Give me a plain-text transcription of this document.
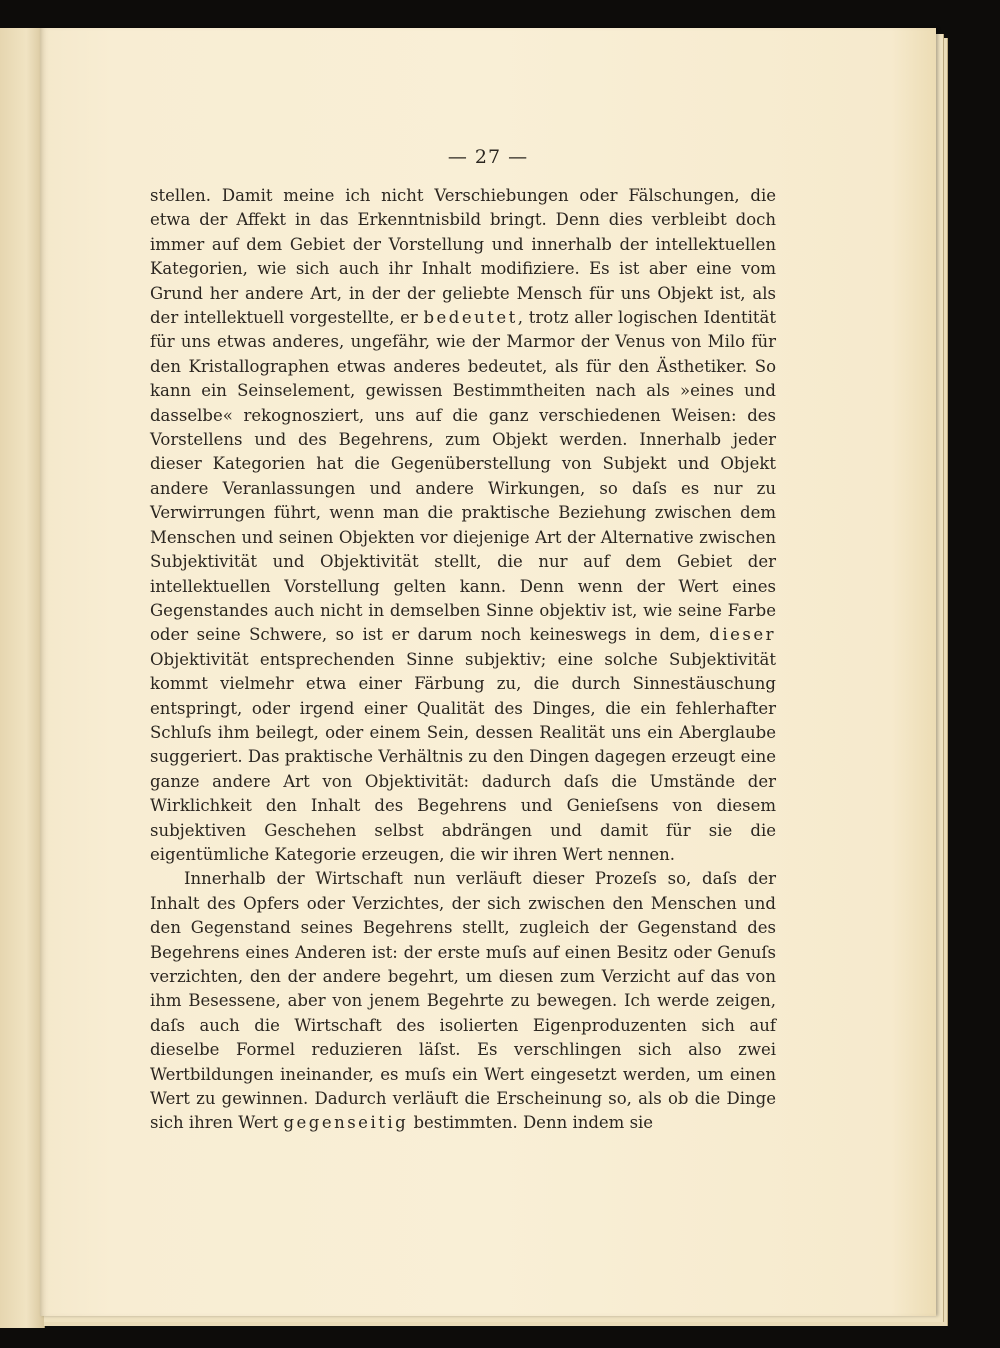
— 27 —

stellen. Damit meine ich nicht Verschiebungen oder Fälschungen, die etwa der Affekt in das Erkenntnisbild bringt. Denn dies verbleibt doch immer auf dem Gebiet der Vorstellung und innerhalb der intellektuellen Kategorien, wie sich auch ihr Inhalt modifiziere. Es ist aber eine vom Grund her andere Art, in der der geliebte Mensch für uns Objekt ist, als der intellektuell vorgestellte, er bedeutet, trotz aller logischen Identität für uns etwas anderes, ungefähr, wie der Marmor der Venus von Milo für den Kristallographen etwas anderes bedeutet, als für den Ästhetiker. So kann ein Seinselement, gewissen Bestimmtheiten nach als »eines und dasselbe« rekognosziert, uns auf die ganz verschiedenen Weisen: des Vorstellens und des Begehrens, zum Objekt werden. Innerhalb jeder dieser Kategorien hat die Gegenüberstellung von Subjekt und Objekt andere Veranlassungen und andere Wirkungen, so daſs es nur zu Verwirrungen führt, wenn man die praktische Beziehung zwischen dem Menschen und seinen Objekten vor diejenige Art der Alternative zwischen Subjektivität und Objektivität stellt, die nur auf dem Gebiet der intellektuellen Vorstellung gelten kann. Denn wenn der Wert eines Gegenstandes auch nicht in demselben Sinne objektiv ist, wie seine Farbe oder seine Schwere, so ist er darum noch keineswegs in dem, dieser Objektivität entsprechenden Sinne subjektiv; eine solche Subjektivität kommt vielmehr etwa einer Färbung zu, die durch Sinnestäuschung entspringt, oder irgend einer Qualität des Dinges, die ein fehlerhafter Schluſs ihm beilegt, oder einem Sein, dessen Realität uns ein Aberglaube suggeriert. Das praktische Verhältnis zu den Dingen dagegen erzeugt eine ganze andere Art von Objektivität: dadurch daſs die Umstände der Wirklichkeit den Inhalt des Begehrens und Genieſsens von diesem subjektiven Geschehen selbst abdrängen und damit für sie die eigentümliche Kategorie erzeugen, die wir ihren Wert nennen.

Innerhalb der Wirtschaft nun verläuft dieser Prozeſs so, daſs der Inhalt des Opfers oder Verzichtes, der sich zwischen den Menschen und den Gegenstand seines Begehrens stellt, zugleich der Gegenstand des Begehrens eines Anderen ist: der erste muſs auf einen Besitz oder Genuſs verzichten, den der andere begehrt, um diesen zum Verzicht auf das von ihm Besessene, aber von jenem Begehrte zu bewegen. Ich werde zeigen, daſs auch die Wirtschaft des isolierten Eigenproduzenten sich auf dieselbe Formel reduzieren läſst. Es verschlingen sich also zwei Wertbildungen ineinander, es muſs ein Wert eingesetzt werden, um einen Wert zu gewinnen. Dadurch verläuft die Erscheinung so, als ob die Dinge sich ihren Wert gegenseitig bestimmten. Denn indem sie
